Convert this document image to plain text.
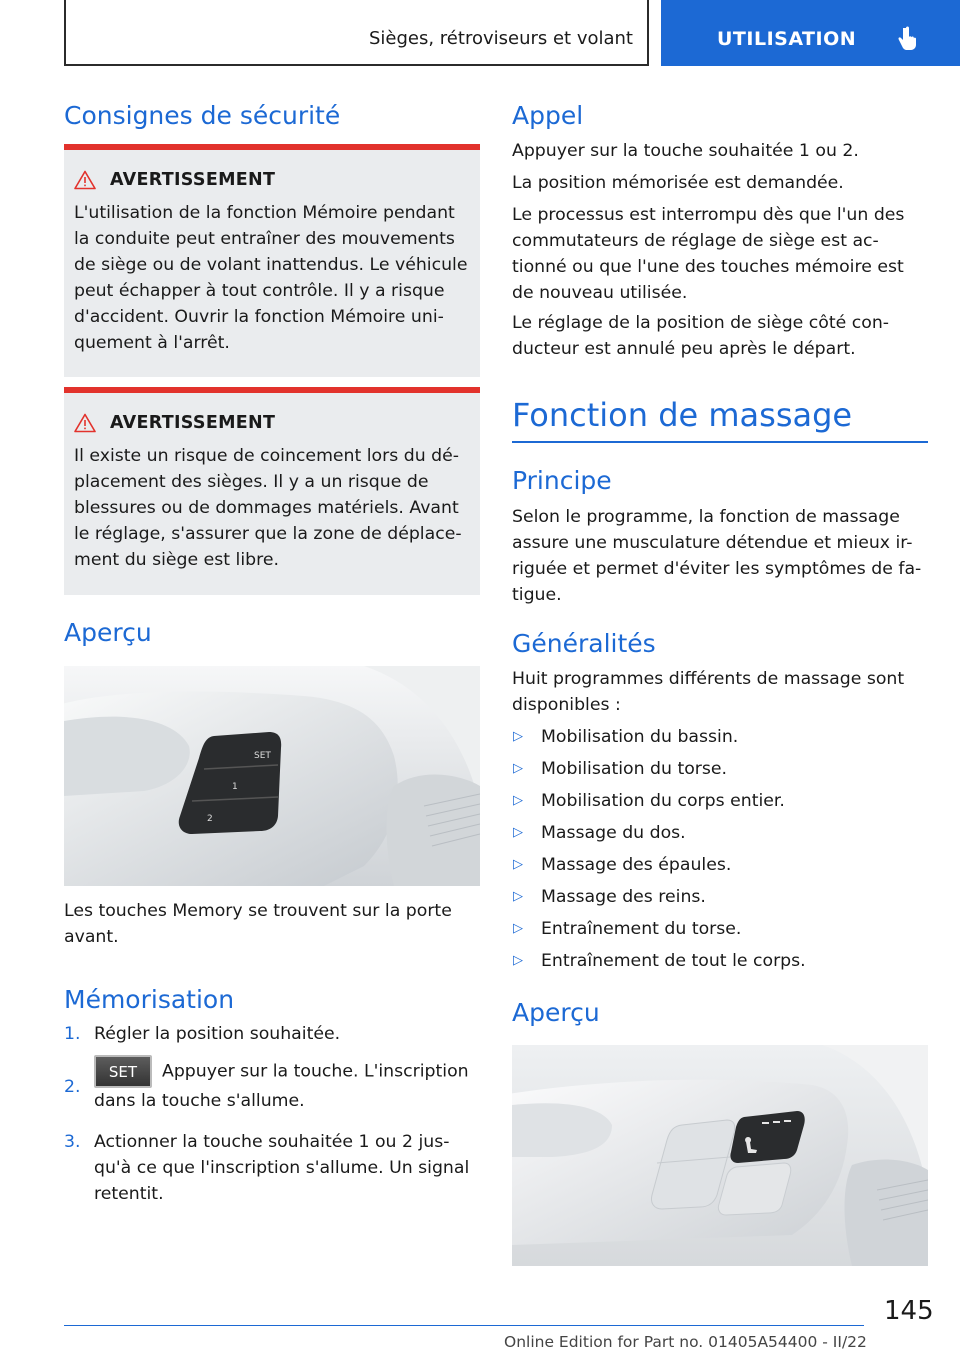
Sièges, rétroviseurs et volant	UTILISATION
Consignes de sécurité
AVERTISSEMENT
L'utilisation de la fonction Mémoire pendant la conduite peut entraîner des mouvements de siège ou de volant inattendus. Le véhicule peut échapper à tout contrôle. Il y a risque d'accident. Ouvrir la fonction Mémoire uni-quement à l'arrêt.
AVERTISSEMENT
Il existe un risque de coincement lors du dé-placement des sièges. Il y a un risque de blessures ou de dommages matériels. Avant le réglage, s'assurer que la zone de déplace-ment du siège est libre.
Aperçu
SET
1
2
Les touches Memory se trouvent sur la porte avant.
Mémorisation
1. Régler la position souhaitée.
2.
SET Appuyer sur la touche. L'inscription dans la touche s'allume.
3. Actionner la touche souhaitée 1 ou 2 jus-qu'à ce que l'inscription s'allume. Un signal retentit.
Appel
Appuyer sur la touche souhaitée 1 ou 2.
La position mémorisée est demandée.
Le processus est interrompu dès que l'un des commutateurs de réglage de siège est ac-tionné ou que l'une des touches mémoire est de nouveau utilisée.
Le réglage de la position de siège côté con-ducteur est annulé peu après le départ.
Fonction de massage
Principe
Selon le programme, la fonction de massage assure une musculature détendue et mieux ir-riguée et permet d'éviter les symptômes de fa-tigue.
Généralités
Huit programmes différents de massage sont disponibles :
▷	Mobilisation du bassin.
▷	Mobilisation du torse.
▷	Mobilisation du corps entier.
▷	Massage du dos.
▷	Massage des épaules.
▷	Massage des reins.
▷	Entraînement du torse.
▷	Entraînement de tout le corps.
Aperçu
145
Online Edition for Part no. 01405A54400 - II/22
